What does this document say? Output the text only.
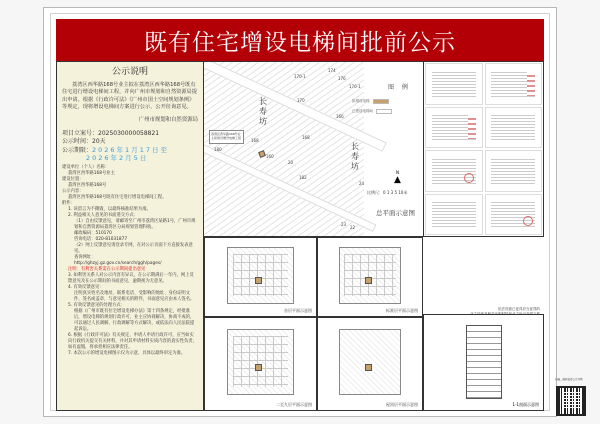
既有住宅增设电梯间批前公示
公示说明
荔湾区西华路168号业主拟在荔湾区西华路168号既有住宅进行增设电梯间工程，并向广州市规划和自然资源局提出申请。根据《行政许可法》《广州市国土空间规划条例》等规定，现将增设电梯间方案进行公示，公开征询意见。
广州市规划和自然资源局
项目立案号：2025030000058821
公示时间：20天
公示期限：2026年1月17日至
2026年2月5日
建设单位（个人）名称：
荔湾区西华路168号业主
建设位置：
荔湾区西华路168号
公示内容：
荔湾区西华路168号既有住宅进行增设电梯间工程。
附件：
1. 该留言为不撕毁、以最终核准结果为准。
2. 利益相关人意见的书面递交方式：
（1）自由反馈意见，请邮寄至广州市荔湾区某路1号，广州市规划和自然资源局荔湾区分局规划管理科收。
邮政编码：510170
咨询电话：020-81031877
（2）网上反馈意见请登录专网，在对公示页面下方直接发表意见。
查询网址：
http://ghzyj.gz.gov.cn/search/ggh/pages/
注明：有利害关系需在公示期间提出意见
3. 如利害关系人对公示内容有异议，在公示期满后一年内，网上反馈意见及在公示期间的书面意见，逾期视为无意见。
4. 有效反馈意见：
注明真实姓名及地址、联系电话、受影响的地址、身份证明文件，签名或盖章，与意见相关的附件，书面意见应由本人签名。
5. 有效反馈意见的处理方式：
根据《广州市既有住宅增设电梯办法》第十四条规定，经批准后，增设电梯的规划行政许可，业主应协商解决，协商不成的，可以通过人民调解、行政调解等方式解决，或依法向人民法院提起诉讼。
6. 根据《行政许可法》有关规定，申请人申请行政许可，应当如实向行政机关提交有关材料，并对其申请材料实质内容的真实性负责，如有虚假，将承担相应法律责任。
7. 本次公示的增设电梯图示仅为示意，具体以最终审定为准。
长寿坊
长寿坊
170-1
174
176
170-1
170
166
168
168
160
180
182
20
24
23
22
荔湾区西华路168号业主拟建设增设电梯工程
图 例
拟增设电梯
已建设电梯间
N
▲
比例尺：0 1 3 5 10米
总平面示意图
首层平面示意图	标准层平面示意图
二至九层平面示意图	屋顶层平面示意图
依法同意已征得应当征得的
1-1剖面示意图
扫描二维码查看公示详情
